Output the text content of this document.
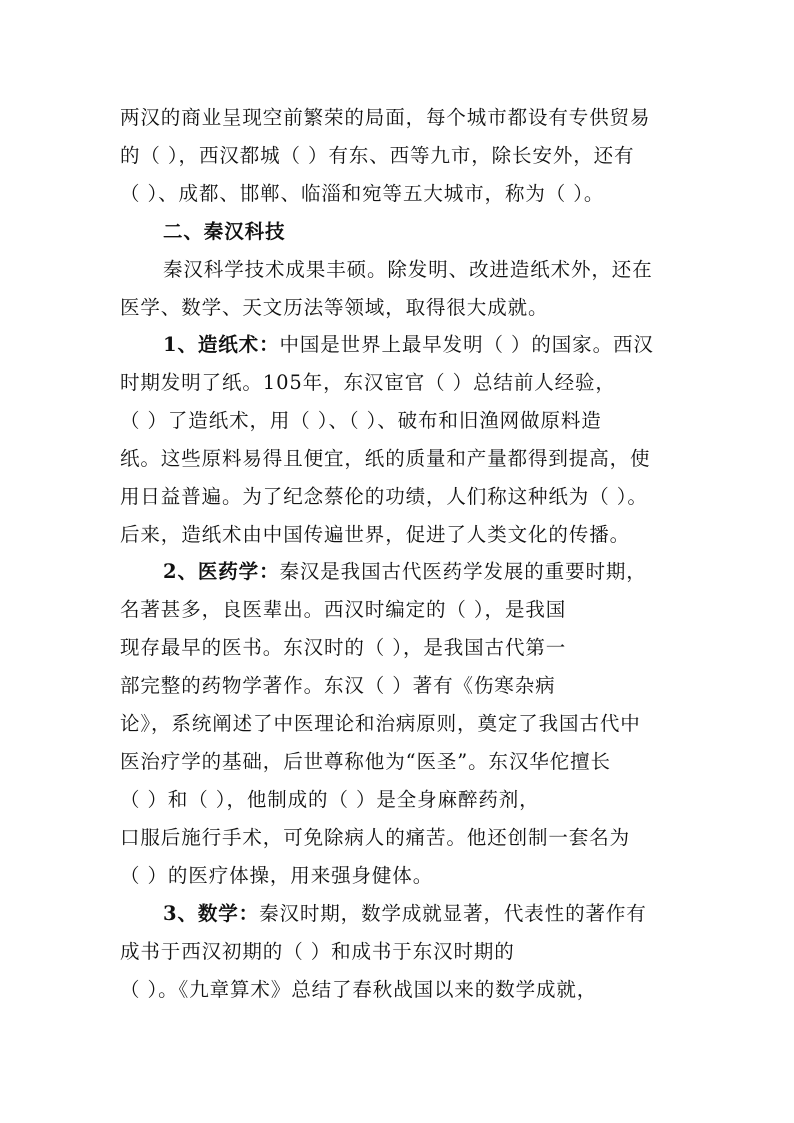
两汉的商业呈现空前繁荣的局面，每个城市都设有专供贸易
的（ ），西汉都城（ ）有东、西等九市，除长安外，还有
（ ）、成都、邯郸、临淄和宛等五大城市，称为（ ）。
二、秦汉科技
秦汉科学技术成果丰硕。除发明、改进造纸术外，还在
医学、数学、天文历法等领域，取得很大成就。
1、造纸术：中国是世界上最早发明（ ）的国家。西汉
时期发明了纸。105年，东汉宦官（ ）总结前人经验，
（ ）了造纸术，用（ ）、（ ）、破布和旧渔网做原料造
纸。这些原料易得且便宜，纸的质量和产量都得到提高，使
用日益普遍。为了纪念蔡伦的功绩，人们称这种纸为（ ）。
后来，造纸术由中国传遍世界，促进了人类文化的传播。
2、医药学：秦汉是我国古代医药学发展的重要时期，
名著甚多，良医辈出。西汉时编定的（ ），是我国
现存最早的医书。东汉时的（ ），是我国古代第一
部完整的药物学著作。东汉（ ）著有《伤寒杂病
论》，系统阐述了中医理论和治病原则，奠定了我国古代中
医治疗学的基础，后世尊称他为“医圣”。东汉华佗擅长
（ ）和（ ），他制成的（ ）是全身麻醉药剂，
口服后施行手术，可免除病人的痛苦。他还创制一套名为
（ ）的医疗体操，用来强身健体。
3、数学：秦汉时期，数学成就显著，代表性的著作有
成书于西汉初期的（ ）和成书于东汉时期的
（ ）。《九章算术》总结了春秋战国以来的数学成就，
